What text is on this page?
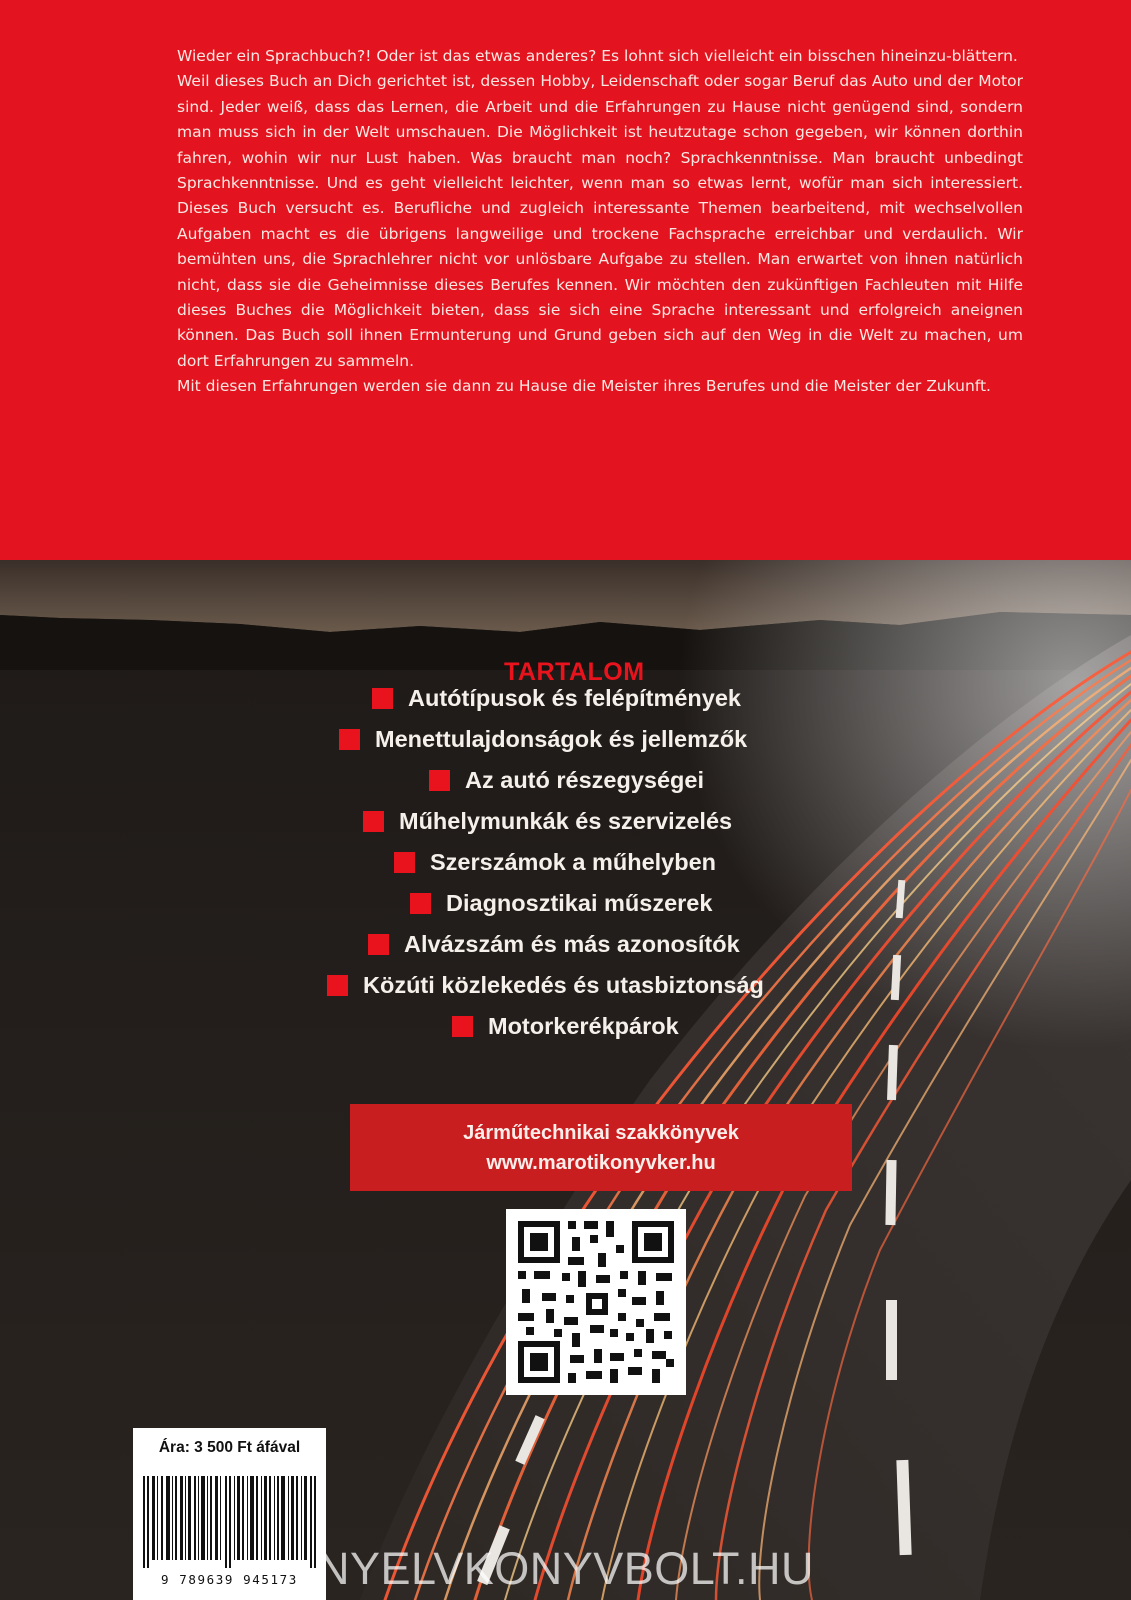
Wieder ein Sprachbuch?! Oder ist das etwas anderes? Es lohnt sich vielleicht ein bisschen hineinzu-blättern.

Weil dieses Buch an Dich gerichtet ist, dessen Hobby, Leidenschaft oder sogar Beruf das Auto und der Motor sind. Jeder weiß, dass das Lernen, die Arbeit und die Erfahrungen zu Hause nicht genügend sind, sondern man muss sich in der Welt umschauen. Die Möglichkeit ist heutzutage schon gegeben, wir können dorthin fahren, wohin wir nur Lust haben. Was braucht man noch? Sprachkenntnisse. Man braucht unbedingt Sprachkenntnisse. Und es geht vielleicht leichter, wenn man so etwas lernt, wofür man sich interessiert. Dieses Buch versucht es. Berufliche und zugleich interessante Themen bearbeitend, mit wechselvollen Aufgaben macht es die übrigens langweilige und trockene Fachsprache erreichbar und verdaulich. Wir bemühten uns, die Sprachlehrer nicht vor unlösbare Aufgabe zu stellen. Man erwartet von ihnen natürlich nicht, dass sie die Geheimnisse dieses Berufes kennen. Wir möchten den zukünftigen Fachleuten mit Hilfe dieses Buches die Möglichkeit bieten, dass sie sich eine Sprache interessant und erfolgreich aneignen können. Das Buch soll ihnen Ermunterung und Grund geben sich auf den Weg in die Welt zu machen, um dort Erfahrungen zu sammeln.

Mit diesen Erfahrungen werden sie dann zu Hause die Meister ihres Berufes und die Meister der Zukunft.

TARTALOM
Autótípusok és felépítmények
Menettulajdonságok és jellemzők
Az autó részegységei
Műhelymunkák és szervizelés
Szerszámok a műhelyben
Diagnosztikai műszerek
Alvázszám és más azonosítók
Közúti közlekedés és utasbiztonság
Motorkerékpárok
Járműtechnikai szakkönyvek
www.marotikonyvker.hu
Ára: 3 500 Ft áfával
9 789639 945173 NYELVKONYVBOLT.HU
